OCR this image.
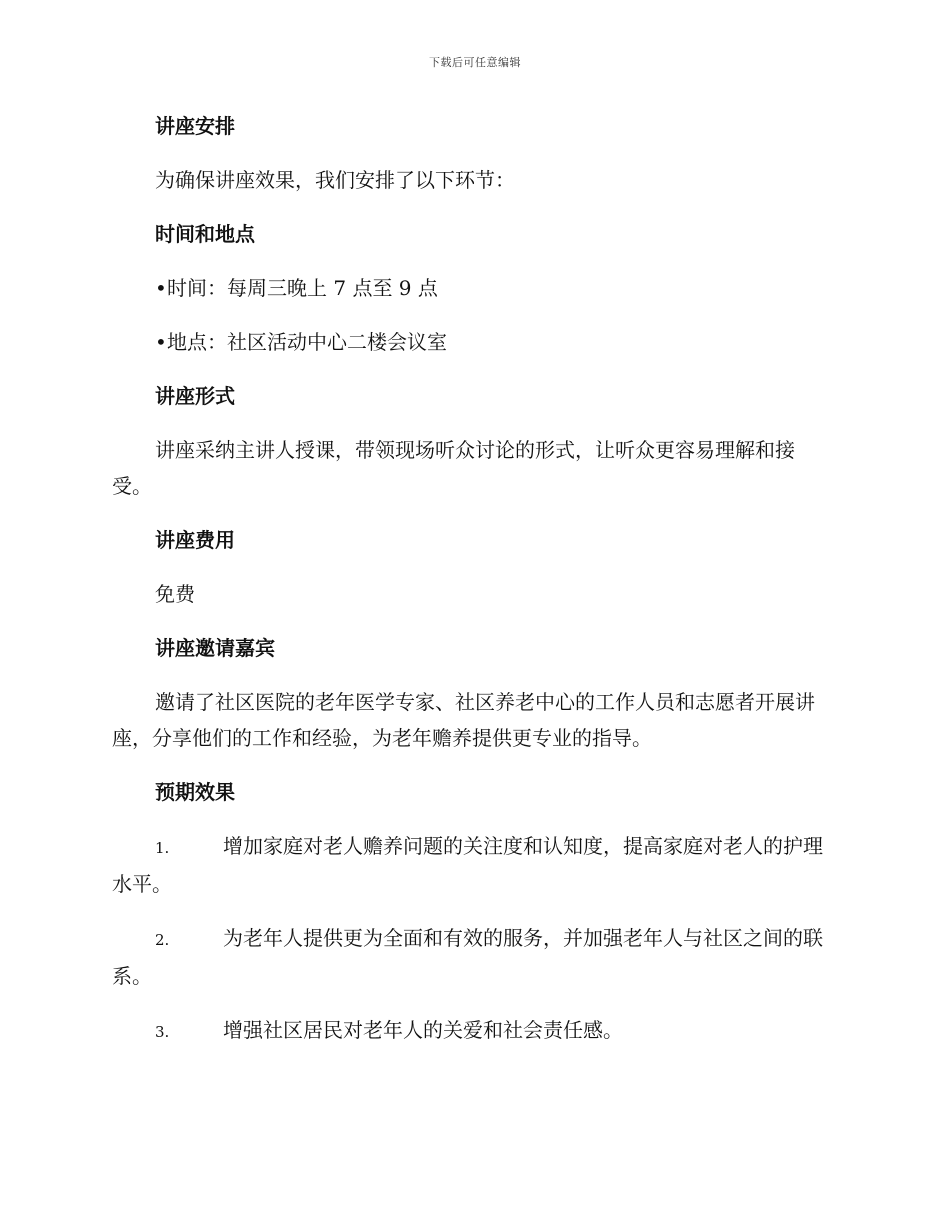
下载后可任意编辑
讲座安排
为确保讲座效果，我们安排了以下环节：
时间和地点
•时间：每周三晚上 7 点至 9 点
•地点：社区活动中心二楼会议室
讲座形式
讲座采纳主讲人授课，带领现场听众讨论的形式，让听众更容易理解和接受。
讲座费用
免费
讲座邀请嘉宾
邀请了社区医院的老年医学专家、社区养老中心的工作人员和志愿者开展讲座，分享他们的工作和经验，为老年赡养提供更专业的指导。
预期效果
1.	增加家庭对老人赡养问题的关注度和认知度，提高家庭对老人的护理水平。
2.	为老年人提供更为全面和有效的服务，并加强老年人与社区之间的联系。
3.	增强社区居民对老年人的关爱和社会责任感。
